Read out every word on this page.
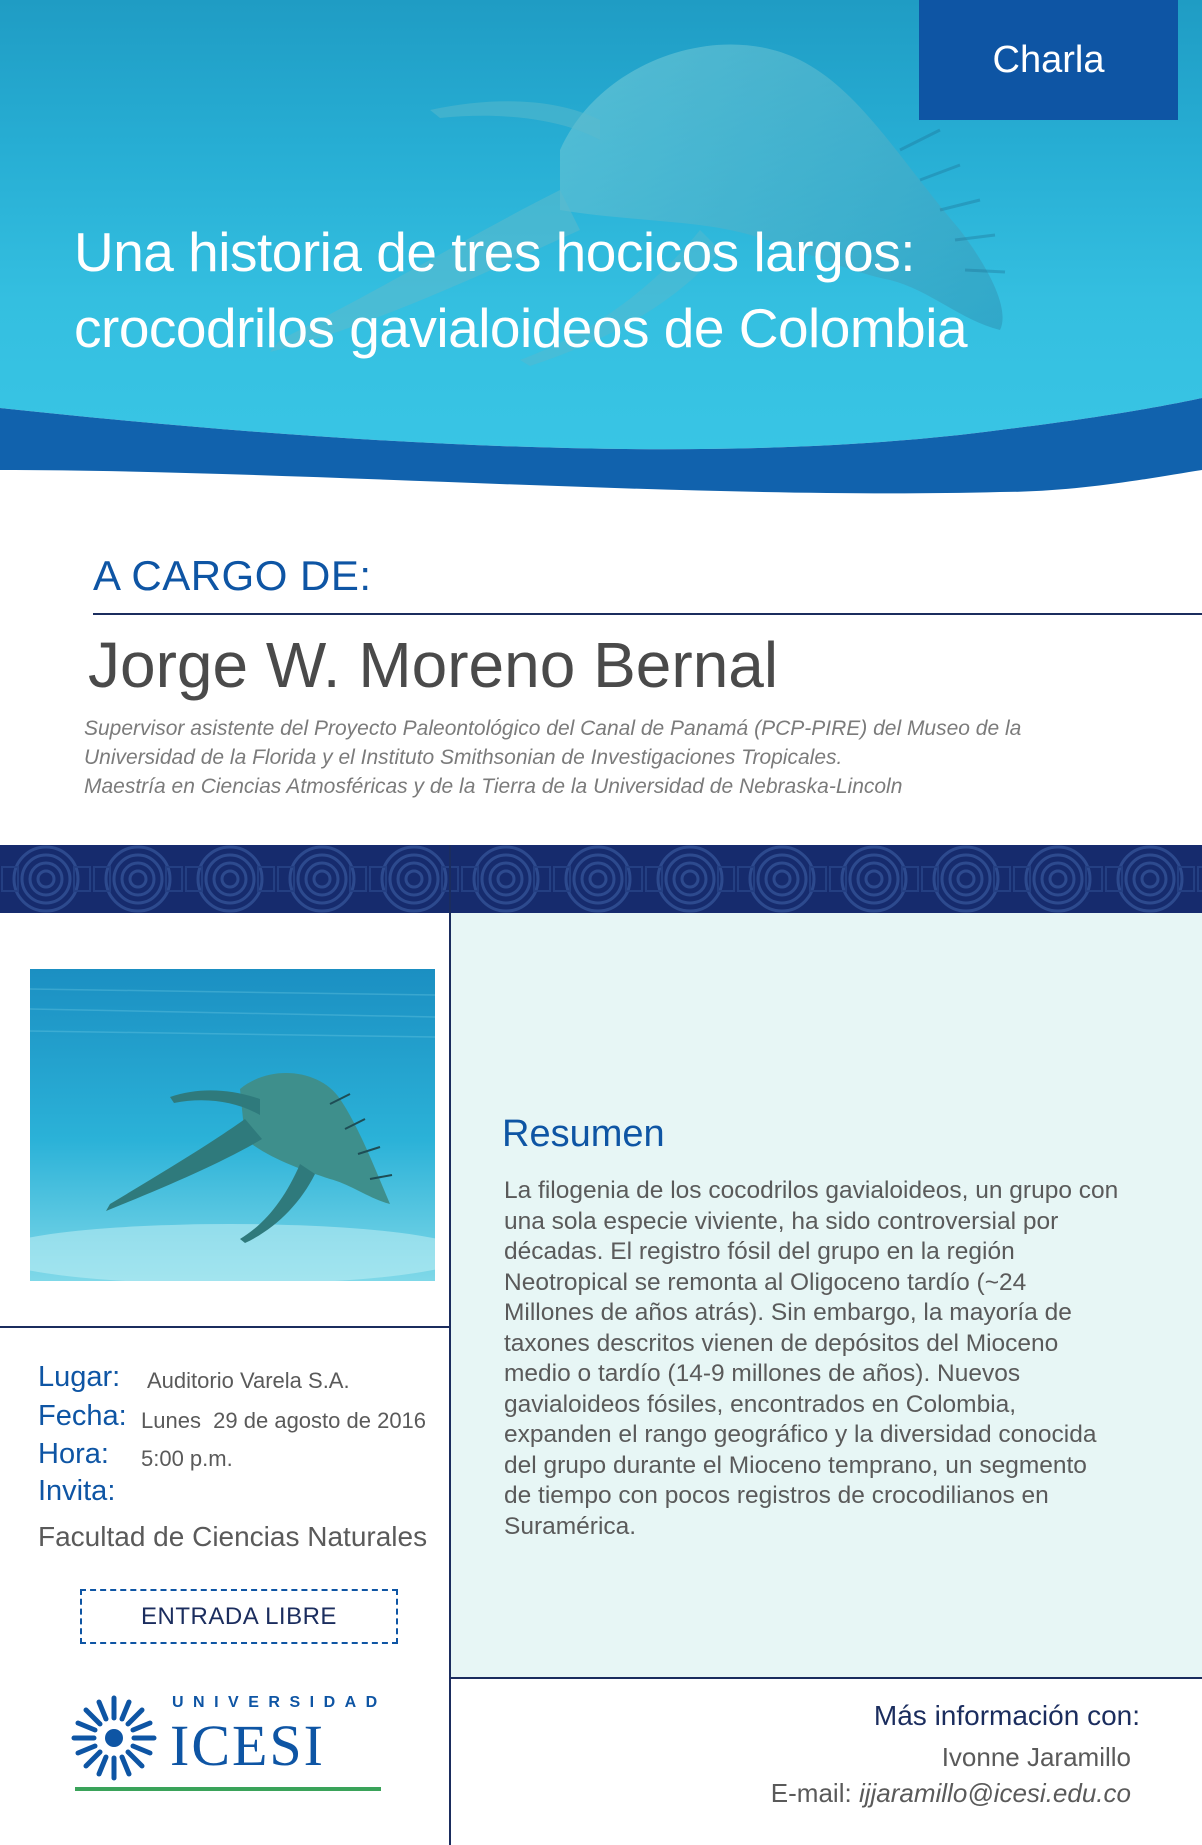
Charla
Una historia de tres hocicos largos:
crocodrilos gavialoideos de Colombia
A CARGO DE:
Jorge W. Moreno Bernal
Supervisor asistente del Proyecto Paleontológico del Canal de Panamá (PCP-PIRE) del Museo de la
Universidad de la Florida y el Instituto Smithsonian de Investigaciones Tropicales.
Maestría en Ciencias Atmosféricas y de la Tierra de la Universidad de Nebraska-Lincoln
Resumen
La filogenia de los cocodrilos gavialoideos, un grupo con
una sola especie viviente, ha sido controversial por
décadas. El registro fósil del grupo en la región
Neotropical se remonta al Oligoceno tardío (~24
Millones de años atrás). Sin embargo, la mayoría de
taxones descritos vienen de depósitos del Mioceno
medio o tardío (14-9 millones de años). Nuevos
gavialoideos fósiles, encontrados en Colombia,
expanden el rango geográfico y la diversidad conocida
del grupo durante el Mioceno temprano, un segmento
de tiempo con pocos registros de crocodilianos en
Suramérica.
Lugar: Auditorio Varela S.A.
Fecha: Lunes  29 de agosto de 2016
Hora: 5:00 p.m.
Invita:
Facultad de Ciencias Naturales
ENTRADA LIBRE
UNIVERSIDAD
ICESI	Más información con:
Ivonne Jaramillo
E-mail: ijjaramillo@icesi.edu.co
